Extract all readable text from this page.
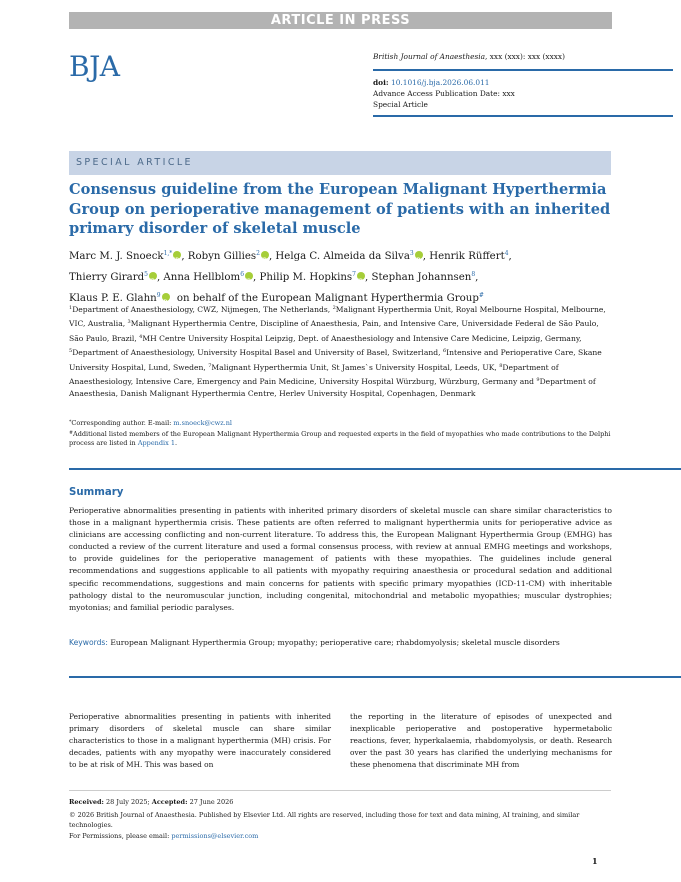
ARTICLE IN PRESS
BJA	British Journal of Anaesthesia, xxx (xxx): xxx (xxxx)
doi: 10.1016/j.bja.2026.06.011
Advance Access Publication Date: xxx
Special Article
SPECIAL ARTICLE
Consensus guideline from the European Malignant Hyperthermia Group on perioperative management of patients with an inherited primary disorder of skeletal muscle
Marc M. J. Snoeck$^{1,*}$ iD , Robyn Gillies$^2$ iD , Helga C. Almeida da Silva$^3$ iD , Henrik Rüffert$^4$,
Thierry Girard$^5$ iD , Anna Hellblom$^6$ iD , Philip M. Hopkins$^7$ iD , Stephan Johannsen$^8$,
Klaus P. E. Glahn$^9$ iD on behalf of the European Malignant Hyperthermia Group#
$^1$Department of Anaesthesiology, CWZ, Nijmegen, The Netherlands, $^2$Malignant Hyperthermia Unit, Royal Melbourne Hospital, Melbourne, VIC, Australia, $^3$Malignant Hyperthermia Centre, Discipline of Anaesthesia, Pain, and Intensive Care, Universidade Federal de São Paulo, São Paulo, Brazil, $^4$MH Centre University Hospital Leipzig, Dept. of Anaesthesiology and Intensive Care Medicine, Leipzig, Germany, $^5$Department of Anaesthesiology, University Hospital Basel and University of Basel, Switzerland, $^6$Intensive and Perioperative Care, Skane University Hospital, Lund, Sweden, $^7$Malignant Hyperthermia Unit, St James`s University Hospital, Leeds, UK, $^8$Department of Anaesthesiology, Intensive Care, Emergency and Pain Medicine, University Hospital Würzburg, Würzburg, Germany and $^9$Department of Anaesthesia, Danish Malignant Hyperthermia Centre, Herlev University Hospital, Copenhagen, Denmark
*Corresponding author. E-mail: m.snoeck@cwz.nl
#Additional listed members of the European Malignant Hyperthermia Group and requested experts in the field of myopathies who made contributions to the Delphi process are listed in Appendix 1.
Summary

Perioperative abnormalities presenting in patients with inherited primary disorders of skeletal muscle can share similar characteristics to those in a malignant hyperthermia crisis. These patients are often referred to malignant hyperthermia units for perioperative advice as clinicians are accessing conflicting and non-current literature. To address this, the European Malignant Hyperthermia Group (EMHG) has conducted a review of the current literature and used a formal consensus process, with review at annual EMHG meetings and workshops, to provide guidelines for the perioperative management of patients with these myopathies. The guidelines include general recommendations and suggestions applicable to all patients with myopathy requiring anaesthesia or procedural sedation and additional specific recommendations, suggestions and main concerns for patients with specific primary myopathies (ICD-11-CM) with inheritable pathology distal to the neuromuscular junction, including congenital, mitochondrial and metabolic myopathies; muscular dystrophies; myotonias; and familial periodic paralyses.

Keywords: European Malignant Hyperthermia Group; myopathy; perioperative care; rhabdomyolysis; skeletal muscle disorders

Perioperative abnormalities presenting in patients with inherited primary disorders of skeletal muscle can share similar characteristics to those in a malignant hyperthermia (MH) crisis. For decades, patients with any myopathy were inaccurately considered to be at risk of MH. This was based on

the reporting in the literature of episodes of unexpected and inexplicable perioperative and postoperative hypermetabolic reactions, fever, hyperkalaemia, rhabdomyolysis, or death. Research over the past 30 years has clarified the underlying mechanisms for these phenomena that discriminate MH from

Received: 28 July 2025; Accepted: 27 June 2026
© 2026 British Journal of Anaesthesia. Published by Elsevier Ltd. All rights are reserved, including those for text and data mining, AI training, and similar technologies.
For Permissions, please email: permissions@elsevier.com
1
